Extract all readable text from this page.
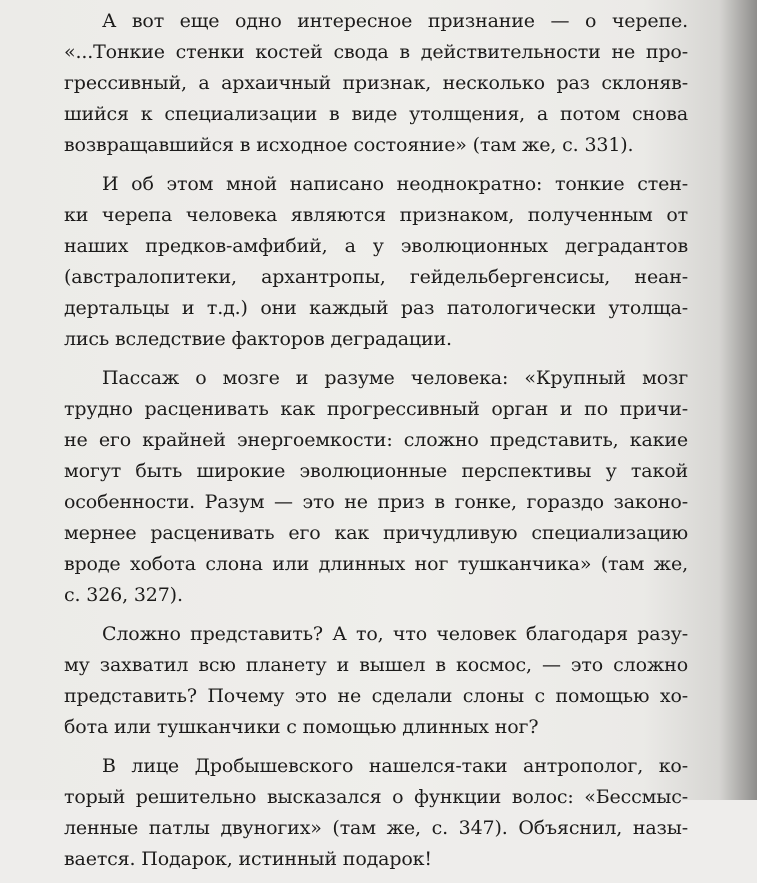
А вот еще одно интересное признание — о черепе.
«...Тонкие стенки костей свода в действительности не про-
грессивный, а архаичный признак, несколько раз склоняв-
шийся к специализации в виде утолщения, а потом снова
возвращавшийся в исходное состояние» (там же, с. 331).

И об этом мной написано неоднократно: тонкие стен-
ки черепа человека являются признаком, полученным от
наших предков-амфибий, а у эволюционных деградантов
(австралопитеки, архантропы, гейдельбергенсисы, неан-
дертальцы и т.д.) они каждый раз патологически утолща-
лись вследствие факторов деградации.

Пассаж о мозге и разуме человека: «Крупный мозг
трудно расценивать как прогрессивный орган и по причи-
не его крайней энергоемкости: сложно представить, какие
могут быть широкие эволюционные перспективы у такой
особенности. Разум — это не приз в гонке, гораздо законо-
мернее расценивать его как причудливую специализацию
вроде хобота слона или длинных ног тушканчика» (там же,
с. 326, 327).

Сложно представить? А то, что человек благодаря разу-
му захватил всю планету и вышел в космос, — это сложно
представить? Почему это не сделали слоны с помощью хо-
бота или тушканчики с помощью длинных ног?

В лице Дробышевского нашелся-таки антрополог, ко-
торый решительно высказался о функции волос: «Бессмыс-
ленные патлы двуногих» (там же, с. 347). Объяснил, назы-
вается. Подарок, истинный подарок!
